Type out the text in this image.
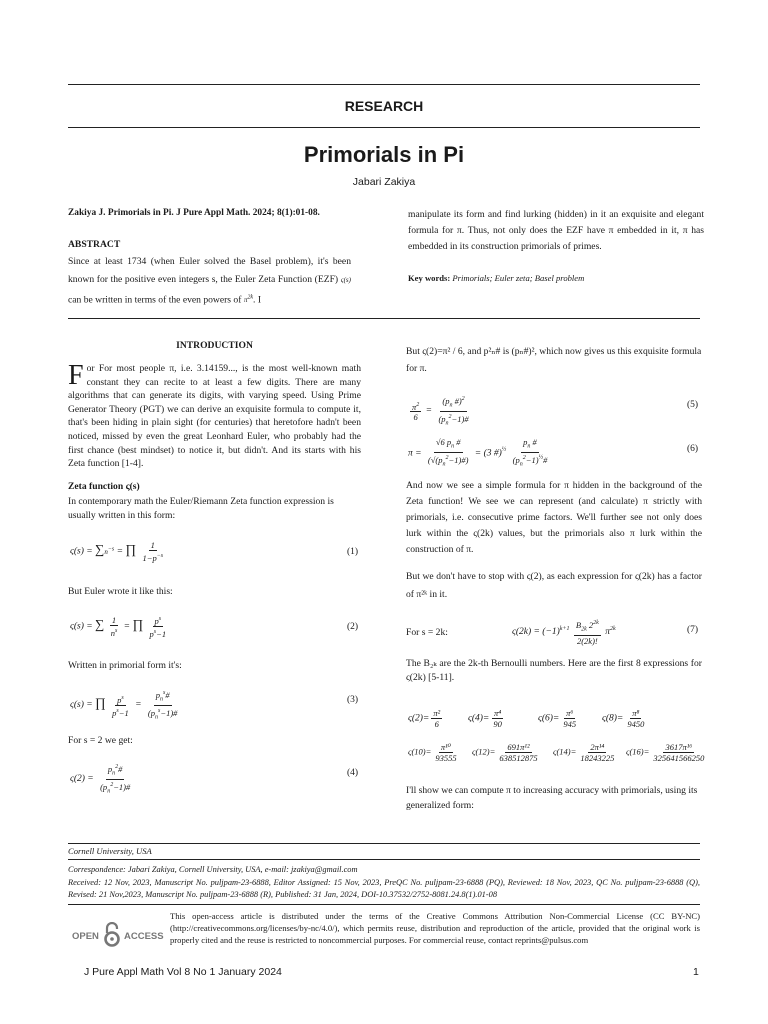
RESEARCH
Primorials in Pi
Jabari Zakiya
Zakiya J. Primorials in Pi. J Pure Appl Math. 2024; 8(1):01-08.
ABSTRACT
Since at least 1734 (when Euler solved the Basel problem), it's been known for the positive even integers s, the Euler Zeta Function (EZF) ς(s) can be written in terms of the even powers of $\pi^{2k}$. I
manipulate its form and find lurking (hidden) in it an exquisite and elegant formula for π. Thus, not only does the EZF have π embedded in it, π has embedded in its construction primorials of primes.
Key words: Primorials; Euler zeta; Basel problem
INTRODUCTION
For For most people π, i.e. 3.14159..., is the most well-known math constant they can recite to at least a few digits. There are many algorithms that can generate its digits, with varying speed. Using Prime Generator Theory (PGT) we can derive an exquisite formula to compute it, that's been hiding in plain sight (for centuries) that heretofore hadn't been noticed, missed by even the great Leonhard Euler, who probably had the first chance (best mindset) to notice it, but didn't. And its starts with his Zeta function [1-4].
Zeta function ς(s)
In contemporary math the Euler/Riemann Zeta function expression is usually written in this form:
$\varsigma(s) = \sum n^{-s}$ = ∏ $\frac{1}{1-p^{-s}}$	(1)
But Euler wrote it like this:
ς(s) = ∑ $\frac{1}{n^s}$ = ∏ $\frac{p^s}{p^s-1}$	(2)
Written in primorial form it's:
ς(s) = ∏ $\frac{p^s}{p^s-1} = \frac{p_n^s\#}{(p_n^s-1)\#}$	(3)
For s = 2 we get:
$\varsigma(2) = \frac{p_n^2\#}{(p_n^2-1)\#}$	(4)
But ς(2)=π² / 6, and p²ₙ# is (pₙ#)², which now gives us this exquisite formula for π.
$\frac{\pi^2}{6} = \frac{(p_n \#)^2}{(p_n^2-1)\#}$	(5)
$\pi = \frac{√6 p_n \#}{(√(p_n^2-1)\#)} = (3$ #)$^{\frac{1}{2}}$ $\frac{p_n \#}{(p_n^2-1)^{\frac{1}{2}}\#}$	(6)
And now we see a simple formula for π hidden in the background of the Zeta function! We see we can represent (and calculate) π strictly with primorials, i.e. consecutive prime factors. We'll further see not only does lurk within the ς(2k) values, but the primorials also π lurk within the construction of π.
But we don't have to stop with ς(2), as each expression for ς(2k) has a factor of π²ᵏ in it.
For s = 2k:	$\varsigma(2k) = (-1)^{k+1} \frac{B_{2k} 2^{2k}}{2(2k)!} \pi^{2k}$	(7)
The B₂ₖ are the 2k-th Bernoulli numbers. Here are the first 8 expressions for ς(2k) [5-11].
$\varsigma(2)= \frac{\text{π²}}{6}$	$\varsigma(4)= \frac{\text{π⁴}}{90}$	$\varsigma(6)= \frac{\text{π⁶}}{945}$	$\varsigma(8)= \frac{\text{π⁸}}{9450}$
$\varsigma(10)= \frac{\text{π¹⁰}}{93555} \varsigma(12)= \frac{\text{691π¹²}}{638512875} \varsigma(14)= \frac{\text{2π¹⁴}}{18243225} \varsigma(16)= \frac{\text{3617π¹⁶}}{325641566250}$
I'll show we can compute π to increasing accuracy with primorials, using its generalized form:
Cornell University, USA
Correspondence: Jabari Zakiya, Cornell University, USA, e-mail: jzakiya@gmail.com
Received: 12 Nov, 2023, Manuscript No. puljpam-23-6888, Editor Assigned: 15 Nov, 2023, PreQC No. puljpam-23-6888 (PQ), Reviewed: 18 Nov, 2023, QC No. puljpam-23-6888 (Q), Revised: 21 Nov,2023, Manuscript No. puljpam-23-6888 (R), Published: 31 Jan, 2024, DOI-10.37532/2752-8081.24.8(1).01-08
OPEN	ACCESS
This open-access article is distributed under the terms of the Creative Commons Attribution Non-Commercial License (CC BY-NC) (http://creativecommons.org/licenses/by-nc/4.0/), which permits reuse, distribution and reproduction of the article, provided that the original work is properly cited and the reuse is restricted to noncommercial purposes. For commercial reuse, contact reprints@pulsus.com
J Pure Appl Math Vol 8 No 1 January 2024	1
